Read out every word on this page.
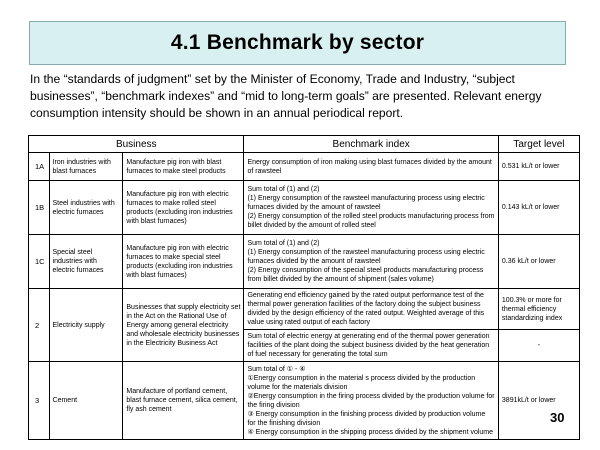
4.1 Benchmark by sector
In the “standards of judgment” set by the Minister of Economy, Trade and Industry, “subject businesses”, “benchmark indexes” and “mid to long-term goals” are presented. Relevant energy consumption intensity should be shown in an annual periodical report.
Business			Benchmark index	Target level
1A	Iron industries with blast furnaces	Manufacture pig iron with blast furnaces to make steel products	Energy consumption of iron making using blast furnaces divided by the amount of rawsteel	0.531 kL/t or lower
1B	Steel industries with electric furnaces	Manufacture pig iron with electric furnaces to make rolled steel products (excluding iron industries with blast furnaces)	Sum total of (1) and (2)
(1) Energy consumption of the rawsteel manufacturing process using electric furnaces divided by the amount of rawsteel
(2) Energy consumption of the rolled steel products manufacturing process from billet divided by the amount of rolled steel	0.143 kL/t or lower
1C	Special steel industries with electric furnaces	Manufacture pig iron with electric furnaces to make special steel products (excluding iron industries with blast furnaces)	Sum total of (1) and (2)
(1) Energy consumption of the rawsteel manufacturing process using electric furnaces divided by the amount of rawsteel
(2) Energy consumption of the special steel products manufacturing process from billet divided by the amount of shipment (sales volume)	0.36 kL/t or lower
2	Electricity supply	Businesses that supply electricity set in the Act on the Rational Use of Energy among general electricity and wholesale electricity businesses in the Electricity Business Act	Generating end efficiency gained by the rated output performance test of the thermal power generation facilities of the factory doing the subject business divided by the design efficiency of the rated output. Weighted average of this value using rated output of each factory	100.3% or more for thermal efficiency standardizing index
			Sum total of electric energy at generating end of the thermal power generation facilities of the plant doing the subject business divided by the heat generation of fuel necessary for generating the total sum	-
3	Cement	Manufacture of portland cement, blast furnace cement, silica cement, fly ash cement	Sum total of ① - ④
①Energy consumption in the material s process divided by the production volume for the materials division
②Energy consumption in the firing process divided by the production volume for the firing division
③ Energy consumption in the finishing process divided by production volume for the finishing division
④ Energy consumption in the shipping process divided by the shipment volume	3891kL/t or lower
30
